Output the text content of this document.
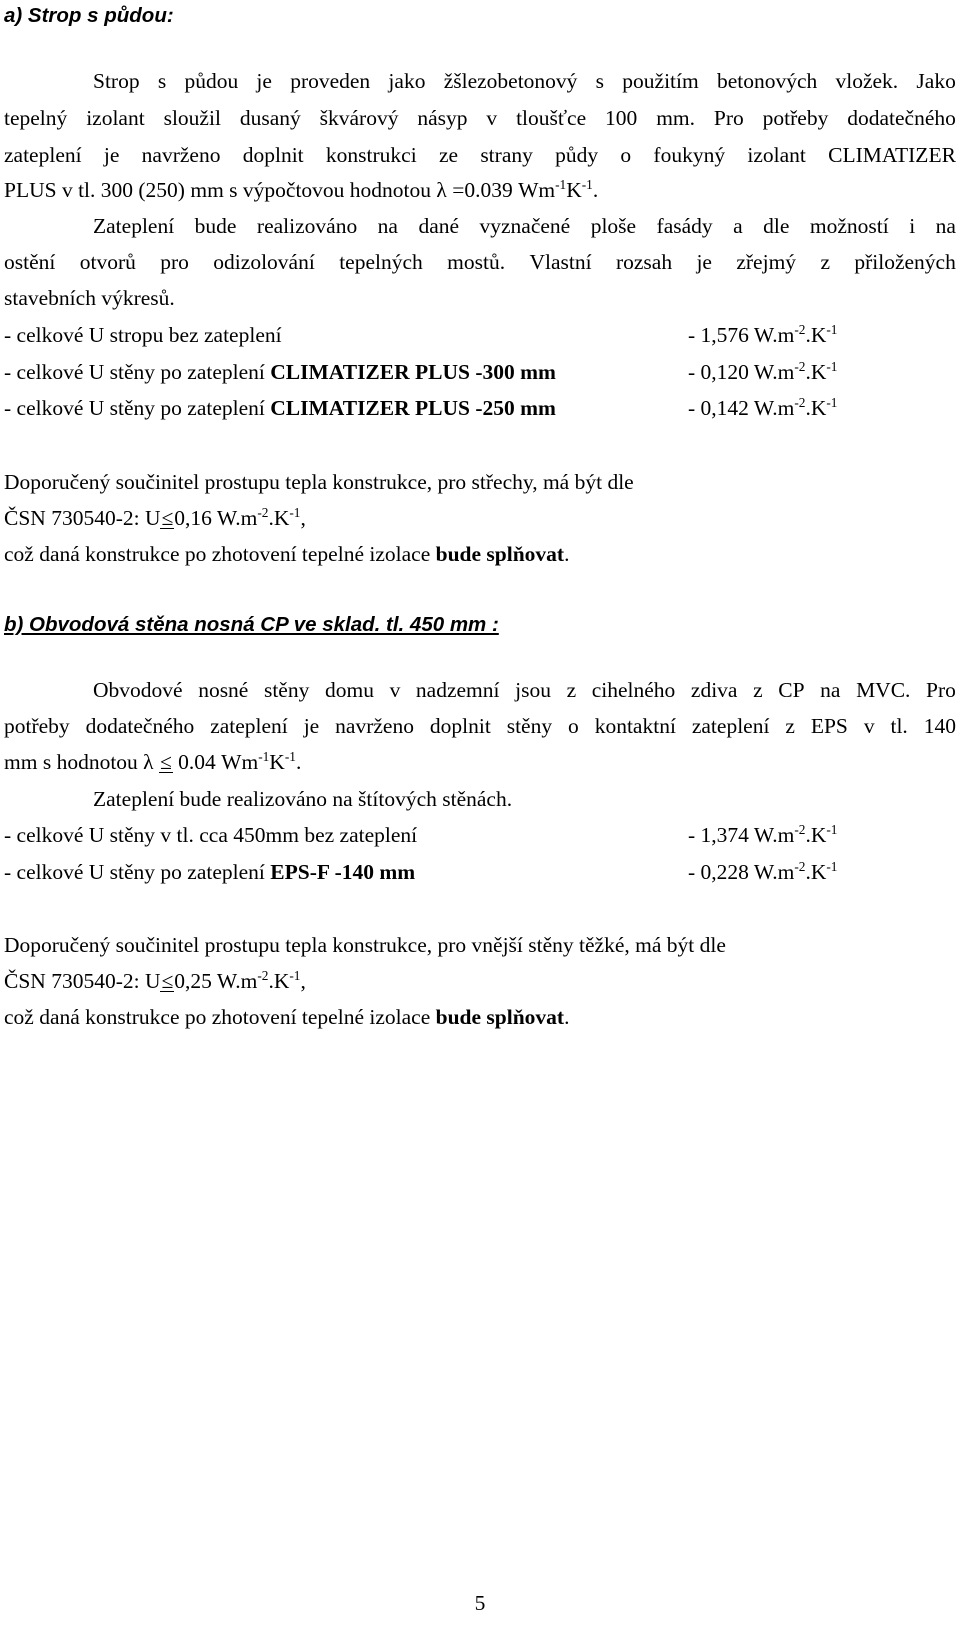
a) Strop s půdou:
Strop s půdou je proveden jako žšlezobetonový s použitím betonových vložek. Jako
tepelný izolant sloužil dusaný škvárový násyp v tloušťce 100 mm. Pro potřeby dodatečného
zateplení je navrženo doplnit konstrukci ze strany půdy o foukyný izolant CLIMATIZER
PLUS v tl. 300 (250) mm s výpočtovou hodnotou λ =0.039 $Wm^{-1}K^{-1}$.
Zateplení bude realizováno na dané vyznačené ploše fasády a dle možností i na
ostění otvorů pro odizolování tepelných mostů. Vlastní rozsah je zřejmý z přiložených
stavebních výkresů.
- celkové U stropu bez zateplení	- 1,576 $W.m^{-2}.K^{-1}$
- celkové U stěny po zateplení CLIMATIZER PLUS -300 mm	- 0,120 $W.m^{-2}.K^{-1}$
- celkové U stěny po zateplení CLIMATIZER PLUS -250 mm	- 0,142 $W.m^{-2}.K^{-1}$
Doporučený součinitel prostupu tepla konstrukce, pro střechy, má být dle
ČSN 730540-2: U≤0,16 $W.m^{-2}.K^{-1}$,
což daná konstrukce po zhotovení tepelné izolace bude splňovat.
b) Obvodová stěna nosná CP ve sklad. tl. 450 mm :
Obvodové nosné stěny domu v nadzemní jsou z cihelného zdiva z CP na MVC. Pro
potřeby dodatečného zateplení je navrženo doplnit stěny o kontaktní zateplení z EPS v tl. 140
mm s hodnotou λ ≤ 0.04 $Wm^{-1}K^{-1}$.
Zateplení bude realizováno na štítových stěnách.
- celkové U stěny v tl. cca 450mm bez zateplení	- 1,374 $W.m^{-2}.K^{-1}$
- celkové U stěny po zateplení EPS-F -140 mm	- 0,228 $W.m^{-2}.K^{-1}$
Doporučený součinitel prostupu tepla konstrukce, pro vnější stěny těžké, má být dle
ČSN 730540-2: U≤0,25 $W.m^{-2}.K^{-1}$,
což daná konstrukce po zhotovení tepelné izolace bude splňovat.
5
